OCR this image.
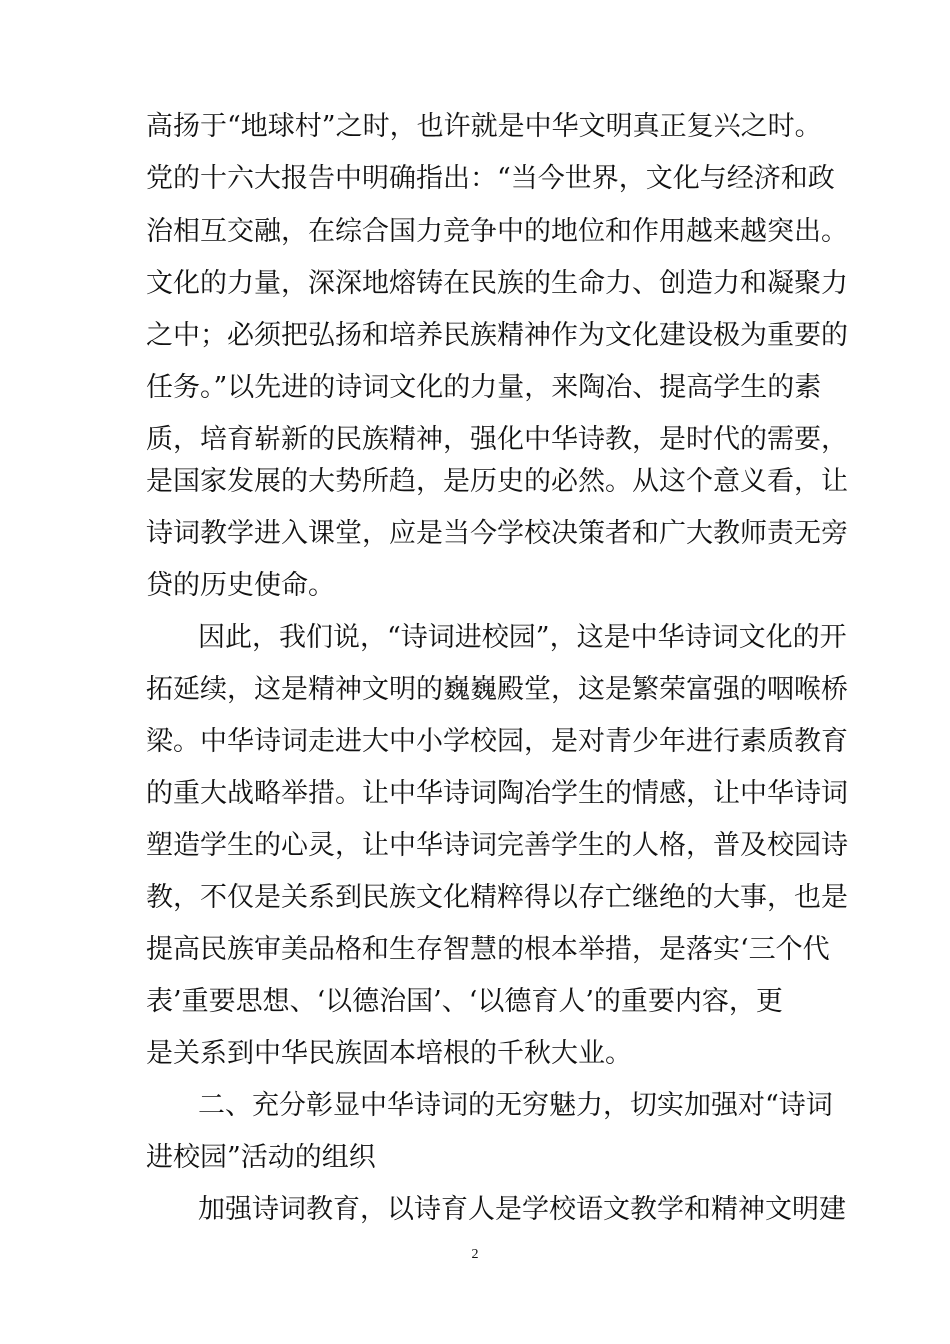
高扬于“地球村”之时，也许就是中华文明真正复兴之时。
党的十六大报告中明确指出：“当今世界，文化与经济和政
治相互交融，在综合国力竞争中的地位和作用越来越突出。
文化的力量，深深地熔铸在民族的生命力、创造力和凝聚力
之中；必须把弘扬和培养民族精神作为文化建设极为重要的
任务。”以先进的诗词文化的力量，来陶冶、提高学生的素
质，培育崭新的民族精神，强化中华诗教，是时代的需要，
是国家发展的大势所趋，是历史的必然。从这个意义看，让
诗词教学进入课堂，应是当今学校决策者和广大教师责无旁
贷的历史使命。
因此，我们说，“诗词进校园”，这是中华诗词文化的开
拓延续，这是精神文明的巍巍殿堂，这是繁荣富强的咽喉桥
梁。中华诗词走进大中小学校园，是对青少年进行素质教育
的重大战略举措。让中华诗词陶冶学生的情感，让中华诗词
塑造学生的心灵，让中华诗词完善学生的人格，普及校园诗
教，不仅是关系到民族文化精粹得以存亡继绝的大事，也是
提高民族审美品格和生存智慧的根本举措，是落实‘三个代
表’重要思想、‘以德治国’、‘以德育人’的重要内容，更
是关系到中华民族固本培根的千秋大业。
二、充分彰显中华诗词的无穷魅力，切实加强对“诗词
进校园”活动的组织
加强诗词教育，以诗育人是学校语文教学和精神文明建
2
